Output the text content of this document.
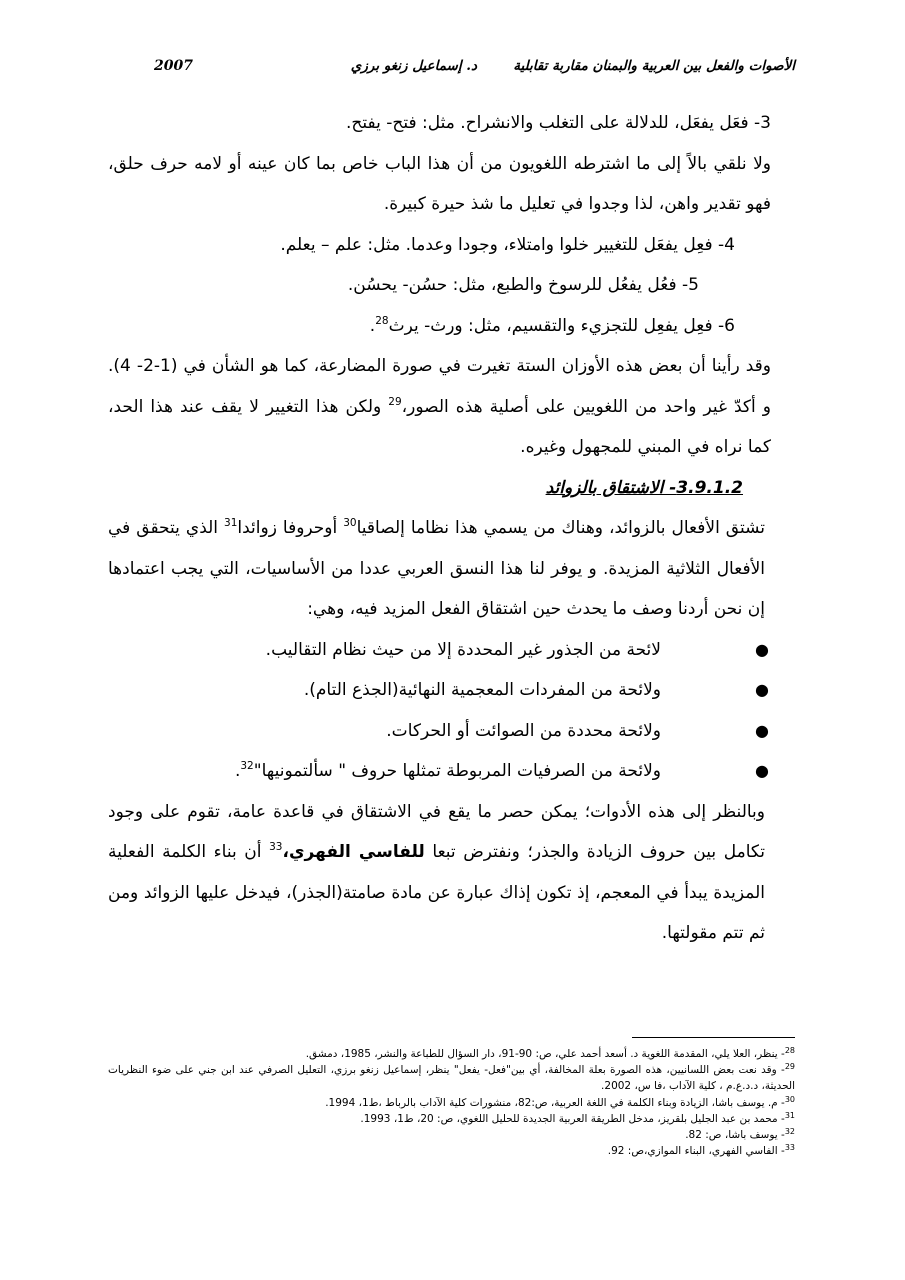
الأصوات والفعل بين العربية والبمنان مقاربة تقابلية
د. إسماعيل زنغو برزي
2007

3- فعَل يفعَل، للدلالة على التغلب والانشراح. مثل: فتح- يفتح.

ولا نلقي بالاً إلى ما اشترطه اللغويون من أن هذا الباب خاص بما كان عينه أو لامه حرف حلق، فهو تقدير واهن، لذا وجدوا في تعليل ما شذ حيرة كبيرة.

4- فعِل يفعَل للتغيير خلوا وامتلاء، وجودا وعدما. مثل: علم – يعلم.

5- فعُل يفعُل للرسوخ والطبع، مثل: حسُن- يحسُن.

6- فعِل يفعِل للتجزيء والتقسيم، مثل: ورث- يرث$^{28}$.

وقد رأينا أن بعض هذه الأوزان الستة تغيرت في صورة المضارعة، كما هو الشأن في (1-2- 4). و أكدّ غير واحد من اللغويين على أصلية هذه الصور،$^{29}$ ولكن هذا التغيير لا يقف عند هذا الحد، كما نراه في المبني للمجهول وغيره.

3.9.1.2- الاشتقاق بالزوائد

تشتق الأفعال بالزوائد، وهناك من يسمي هذا نظاما إلصاقيا$^{30}$ أوحروفا زوائدا$^{31}$ الذي يتحقق في الأفعال الثلاثية المزيدة. و يوفر لنا هذا النسق العربي عددا من الأساسيات، التي يجب اعتمادها إن نحن أردنا وصف ما يحدث حين اشتقاق الفعل المزيد فيه، وهي:

●
لائحة من الجذور غير المحددة إلا من حيث نظام التقاليب.
●
ولائحة من المفردات المعجمية النهائية(الجذع التام).
●
ولائحة محددة من الصوائت أو الحركات.
●
ولائحة من الصرفيات المربوطة تمثلها حروف " سألتمونيها"$^{32}$.

وبالنظر إلى هذه الأدوات؛ يمكن حصر ما يقع في الاشتقاق في قاعدة عامة، تقوم على وجود تكامل بين حروف الزيادة والجذر؛ ونفترض تبعا للفاسي الفهري،$^{33}$ أن بناء الكلمة الفعلية المزيدة يبدأ في المعجم، إذ تكون إذاك عبارة عن مادة صامتة(الجذر)، فيدخل عليها الزوائد ومن ثم تتم مقولتها.

$^{28}$- ينظر، العلا يلي، المقدمة اللغوية د. أسعد أحمد علي، ص: 90-91، دار السؤال للطباعة والنشر، 1985، دمشق.

$^{29}$- وقد نعت بعض اللسانيين، هذه الصورة بعلة المخالفة، أي بين"فعل- يفعل" ينظر، إسماعيل زنغو برزي، التعليل الصرفي عند ابن جني على ضوء النظريات الحديثة، د.د.ع.م ، كلية الآداب ،فا س، 2002.

$^{30}$- م. يوسف باشا، الزيادة وبناء الكلمة في اللغة العربية، ص:82، منشورات كلية الآداب بالرباط ،ط1، 1994.

$^{31}$- محمد بن عبد الجليل بلقريز، مدخل الطريقة العربية الجديدة للحليل اللغوي، ص: 20، ط1، 1993.

$^{32}$- يوسف باشا، ص: 82.

$^{33}$- الفاسي الفهري، البناء الموازي،ص: 92.
